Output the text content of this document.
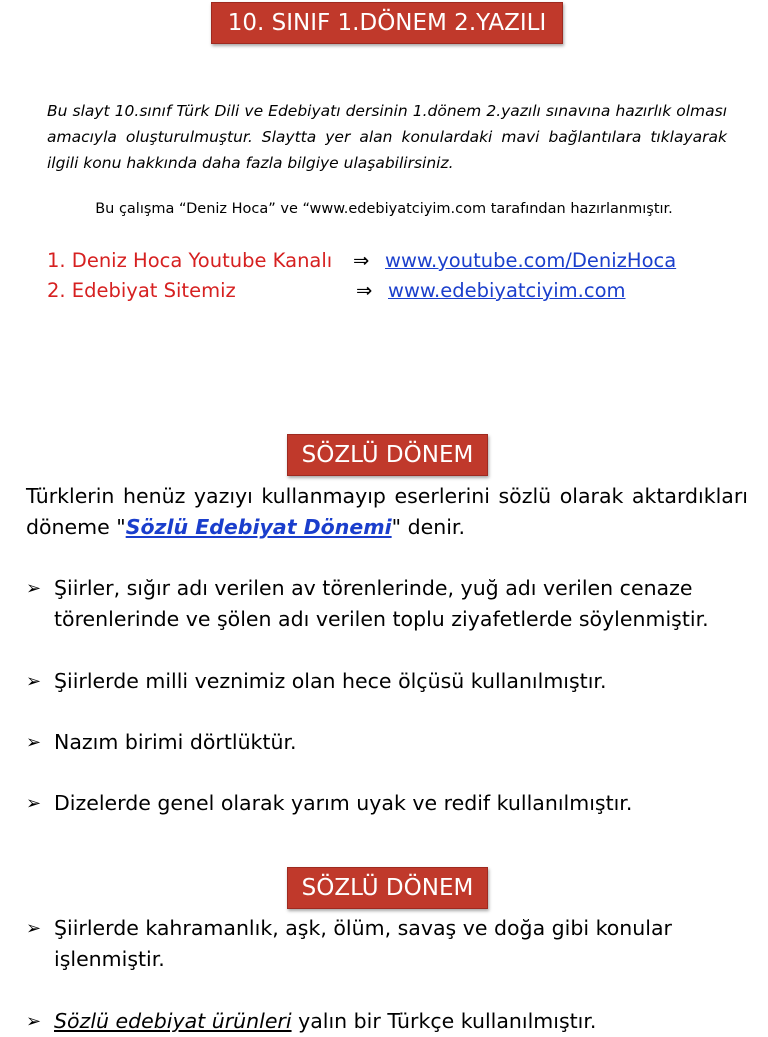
10. SINIF 1.DÖNEM 2.YAZILI
Bu slayt 10.sınıf Türk Dili ve Edebiyatı dersinin 1.dönem 2.yazılı sınavına hazırlık olması amacıyla oluşturulmuştur. Slaytta yer alan konulardaki mavi bağlantılara tıklayarak ilgili konu hakkında daha fazla bilgiye ulaşabilirsiniz.
Bu çalışma “Deniz Hoca” ve “www.edebiyatciyim.com tarafından hazırlanmıştır.
1. Deniz Hoca Youtube Kanalı ⇒ www.youtube.com/DenizHoca
2. Edebiyat Sitemiz	⇒ www.edebiyatciyim.com
SÖZLÜ DÖNEM
Türklerin henüz yazıyı kullanmayıp eserlerini sözlü olarak aktardıkları döneme "Sözlü Edebiyat Dönemi" denir.
➢ Şiirler, sığır adı verilen av törenlerinde, yuğ adı verilen cenaze törenlerinde ve şölen adı verilen toplu ziyafetlerde söylenmiştir.
➢ Şiirlerde milli veznimiz olan hece ölçüsü kullanılmıştır.
➢ Nazım birimi dörtlüktür.
➢ Dizelerde genel olarak yarım uyak ve redif kullanılmıştır.
SÖZLÜ DÖNEM
➢ Şiirlerde kahramanlık, aşk, ölüm, savaş ve doğa gibi konular işlenmiştir.
➢ Sözlü edebiyat ürünleri yalın bir Türkçe kullanılmıştır.
